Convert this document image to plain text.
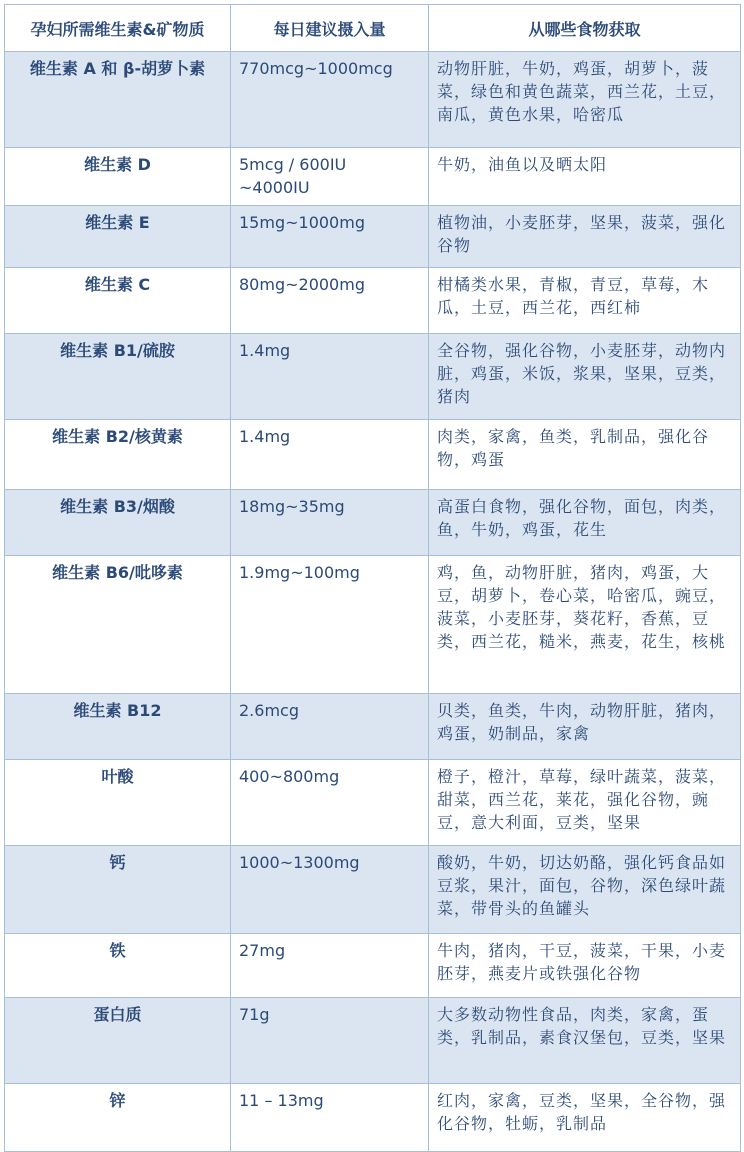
孕妇所需维生素&矿物质	每日建议摄入量	从哪些食物获取
维生素 A 和 β-胡萝卜素	770mcg~1000mcg	动物肝脏，牛奶，鸡蛋，胡萝卜，菠菜，绿色和黄色蔬菜，西兰花，土豆，南瓜，黄色水果，哈密瓜
维生素 D	5mcg / 600IU ~4000IU	牛奶，油鱼以及晒太阳
维生素 E	15mg~1000mg	植物油，小麦胚芽，坚果，菠菜，强化谷物
维生素 C	80mg~2000mg	柑橘类水果，青椒，青豆，草莓，木瓜，土豆，西兰花，西红柿
维生素 B1/硫胺	1.4mg	全谷物，强化谷物，小麦胚芽，动物内脏，鸡蛋，米饭，浆果，坚果，豆类，猪肉
维生素 B2/核黄素	1.4mg	肉类，家禽，鱼类，乳制品，强化谷物，鸡蛋
维生素 B3/烟酸	18mg~35mg	高蛋白食物，强化谷物，面包，肉类，鱼，牛奶，鸡蛋，花生
维生素 B6/吡哆素	1.9mg~100mg	鸡，鱼，动物肝脏，猪肉，鸡蛋，大豆，胡萝卜，卷心菜，哈密瓜，豌豆，菠菜，小麦胚芽，葵花籽，香蕉，豆类，西兰花，糙米，燕麦，花生，核桃
维生素 B12	2.6mcg	贝类，鱼类，牛肉，动物肝脏，猪肉，鸡蛋，奶制品，家禽
叶酸	400~800mg	橙子，橙汁，草莓，绿叶蔬菜，菠菜，甜菜，西兰花，莱花，强化谷物，豌豆，意大利面，豆类，坚果
钙	1000~1300mg	酸奶，牛奶，切达奶酪，强化钙食品如豆浆，果汁，面包，谷物，深色绿叶蔬菜，带骨头的鱼罐头
铁	27mg	牛肉，猪肉，干豆，菠菜，干果，小麦胚芽，燕麦片或铁强化谷物
蛋白质	71g	大多数动物性食品，肉类，家禽，蛋类，乳制品，素食汉堡包，豆类，坚果
锌	11 – 13mg	红肉，家禽，豆类，坚果，全谷物，强化谷物，牡蛎，乳制品
